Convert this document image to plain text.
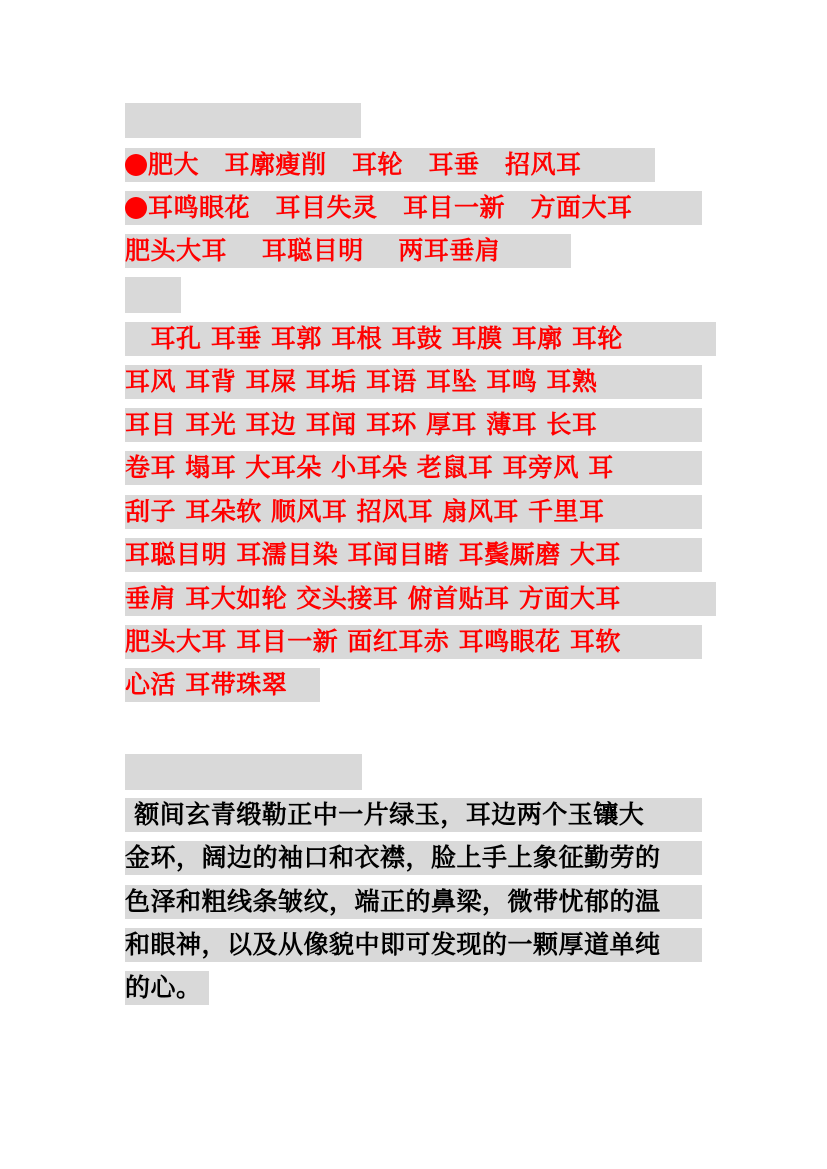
肥大　耳廓瘦削　耳轮　耳垂　招风耳
耳鸣眼花　耳目失灵　耳目一新　方面大耳
肥头大耳　 耳聪目明　 两耳垂肩
　耳孔 耳垂 耳郭 耳根 耳鼓 耳膜 耳廓 耳轮
耳风 耳背 耳屎 耳垢 耳语 耳坠 耳鸣 耳熟
耳目 耳光 耳边 耳闻 耳环 厚耳 薄耳 长耳
卷耳 塌耳 大耳朵 小耳朵 老鼠耳 耳旁风 耳
刮子 耳朵软 顺风耳 招风耳 扇风耳 千里耳
耳聪目明 耳濡目染 耳闻目睹 耳鬓厮磨 大耳
垂肩 耳大如轮 交头接耳 俯首贴耳 方面大耳
肥头大耳 耳目一新 面红耳赤 耳鸣眼花 耳软
心活 耳带珠翠
额间玄青缎勒正中一片绿玉，耳边两个玉镶大
金环，阔边的袖口和衣襟，脸上手上象征勤劳的
色泽和粗线条皱纹，端正的鼻梁，微带忧郁的温
和眼神，以及从像貌中即可发现的一颗厚道单纯
的心。
